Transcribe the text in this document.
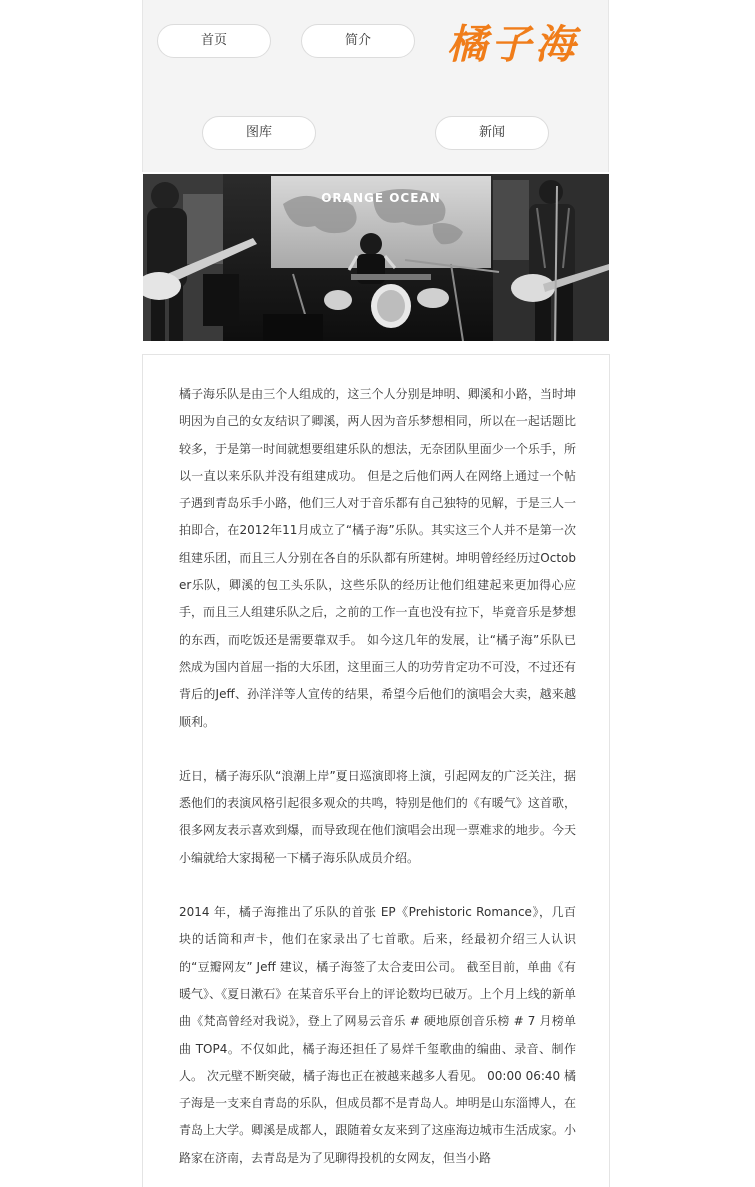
首页	简介
图库	新闻
橘子海
ORANGE OCEAN

橘子海乐队是由三个人组成的，这三个人分别是坤明、卿溪和小路，当时坤明因为自己的女友结识了卿溪，两人因为音乐梦想相同，所以在一起话题比较多，于是第一时间就想要组建乐队的想法，无奈团队里面少一个乐手，所以一直以来乐队并没有组建成功。 但是之后他们两人在网络上通过一个帖子遇到青岛乐手小路，他们三人对于音乐都有自己独特的见解，于是三人一拍即合，在2012年11月成立了“橘子海”乐队。其实这三个人并不是第一次组建乐团，而且三人分别在各自的乐队都有所建树。坤明曾经经历过October乐队，卿溪的包工头乐队，这些乐队的经历让他们组建起来更加得心应手，而且三人组建乐队之后，之前的工作一直也没有拉下，毕竟音乐是梦想的东西，而吃饭还是需要靠双手。 如今这几年的发展，让“橘子海”乐队已然成为国内首屈一指的大乐团，这里面三人的功劳肯定功不可没，不过还有背后的Jeff、孙洋洋等人宣传的结果，希望今后他们的演唱会大卖，越来越顺利。

近日，橘子海乐队“浪潮上岸”夏日巡演即将上演，引起网友的广泛关注，据悉他们的表演风格引起很多观众的共鸣，特别是他们的《有暖气》这首歌，很多网友表示喜欢到爆，而导致现在他们演唱会出现一票难求的地步。今天小编就给大家揭秘一下橘子海乐队成员介绍。

2014 年，橘子海推出了乐队的首张 EP《Prehistoric Romance》，几百块的话筒和声卡，他们在家录出了七首歌。后来，经最初介绍三人认识的“豆瓣网友” Jeff 建议，橘子海签了太合麦田公司。 截至目前，单曲《有暖气》、《夏日漱石》在某音乐平台上的评论数均已破万。上个月上线的新单曲《梵高曾经对我说》，登上了网易云音乐 # 硬地原创音乐榜 # 7 月榜单曲 TOP4。不仅如此，橘子海还担任了易烊千玺歌曲的编曲、录音、制作人。 次元壁不断突破，橘子海也正在被越来越多人看见。 00:00 06:40 橘子海是一支来自青岛的乐队，但成员都不是青岛人。坤明是山东淄博人，在青岛上大学。卿溪是成都人，跟随着女友来到了这座海边城市生活成家。小路家在济南，去青岛是为了见聊得投机的女网友，但当小路
